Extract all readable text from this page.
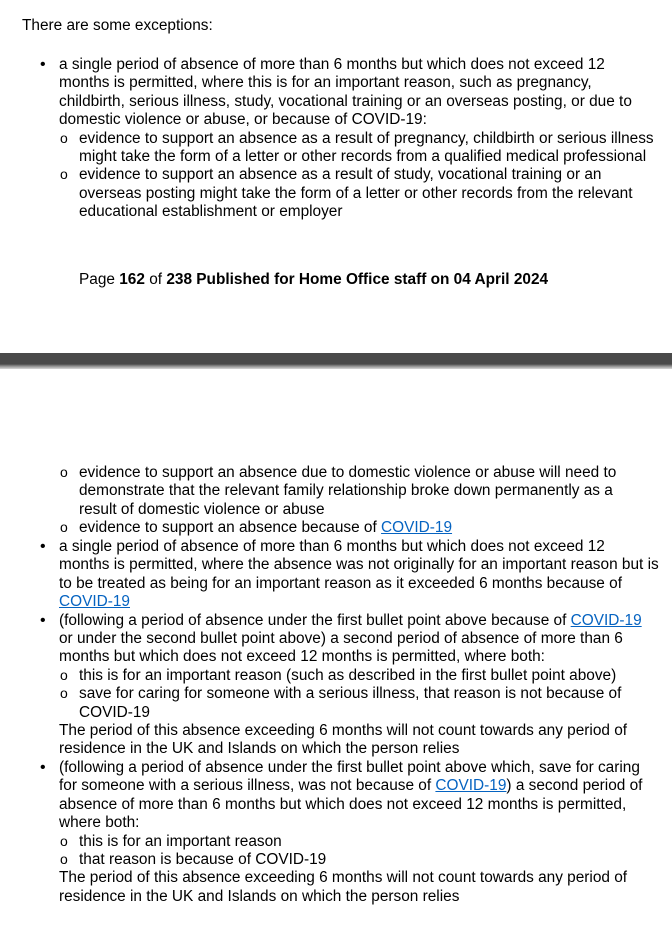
There are some exceptions:

• a single period of absence of more than 6 months but which does not exceed 12 months is permitted, where this is for an important reason, such as pregnancy, childbirth, serious illness, study, vocational training or an overseas posting, or due to domestic violence or abuse, or because of COVID-19:
o evidence to support an absence as a result of pregnancy, childbirth or serious illness might take the form of a letter or other records from a qualified medical professional
o evidence to support an absence as a result of study, vocational training or an overseas posting might take the form of a letter or other records from the relevant educational establishment or employer

Page 162 of 238 Published for Home Office staff on 04 April 2024

o • evidence to support an absence due to domestic violence or abuse will need to demonstrate that the relevant family relationship broke down permanently as a result of domestic violence or abuse
o evidence to support an absence because of COVID-19
• a single period of absence of more than 6 months but which does not exceed 12 months is permitted, where the absence was not originally for an important reason but is to be treated as being for an important reason as it exceeded 6 months because of COVID-19
• (following a period of absence under the first bullet point above because of COVID-19 or under the second bullet point above) a second period of absence of more than 6 months but which does not exceed 12 months is permitted, where both:
o this is for an important reason (such as described in the first bullet point above)
o save for caring for someone with a serious illness, that reason is not because of COVID-19
The period of this absence exceeding 6 months will not count towards any period of residence in the UK and Islands on which the person relies
• (following a period of absence under the first bullet point above which, save for caring for someone with a serious illness, was not because of COVID-19) a second period of absence of more than 6 months but which does not exceed 12 months is permitted, where both:
o this is for an important reason
o that reason is because of COVID-19
The period of this absence exceeding 6 months will not count towards any period of residence in the UK and Islands on which the person relies
